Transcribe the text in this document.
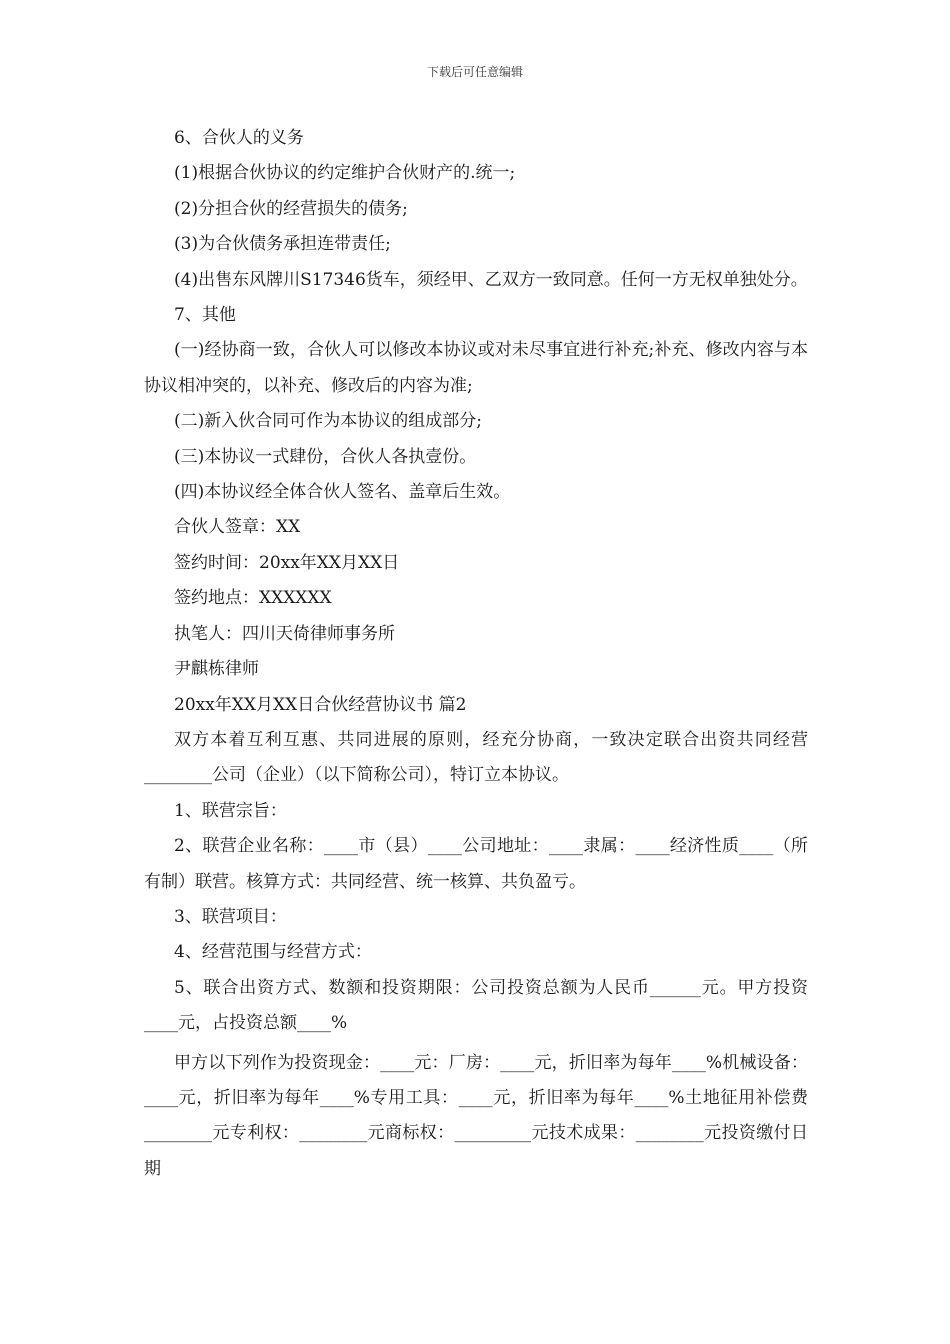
下载后可任意编辑

6、合伙人的义务

(1)根据合伙协议的约定维护合伙财产的.统一;

(2)分担合伙的经营损失的债务;

(3)为合伙债务承担连带责任;

(4)出售东风牌川S17346货车，须经甲、乙双方一致同意。任何一方无权单独处分。

7、其他

(一)经协商一致，合伙人可以修改本协议或对未尽事宜进行补充;补充、修改内容与本协议相冲突的，以补充、修改后的内容为准;

(二)新入伙合同可作为本协议的组成部分;

(三)本协议一式肆份，合伙人各执壹份。

(四)本协议经全体合伙人签名、盖章后生效。

合伙人签章：XX

签约时间：20xx年XX月XX日

签约地点：XXXXXX

执笔人：四川天倚律师事务所

尹麒栋律师

20xx年XX月XX日合伙经营协议书 篇2

双方本着互利互惠、共同进展的原则，经充分协商，一致决定联合出资共同经营________公司（企业）（以下简称公司），特订立本协议。

1、联营宗旨：

2、联营企业名称：____市（县）____公司地址：____隶属：____经济性质____（所有制）联营。核算方式：共同经营、统一核算、共负盈亏。

3、联营项目：

4、经营范围与经营方式：

5、联合出资方式、数额和投资期限：公司投资总额为人民币______元。甲方投资____元，占投资总额____%

甲方以下列作为投资现金：____元：厂房：____元，折旧率为每年____%机械设备：____元，折旧率为每年____%专用工具：____元，折旧率为每年____%土地征用补偿费________元专利权：________元商标权：_________元技术成果：________元投资缴付日期
